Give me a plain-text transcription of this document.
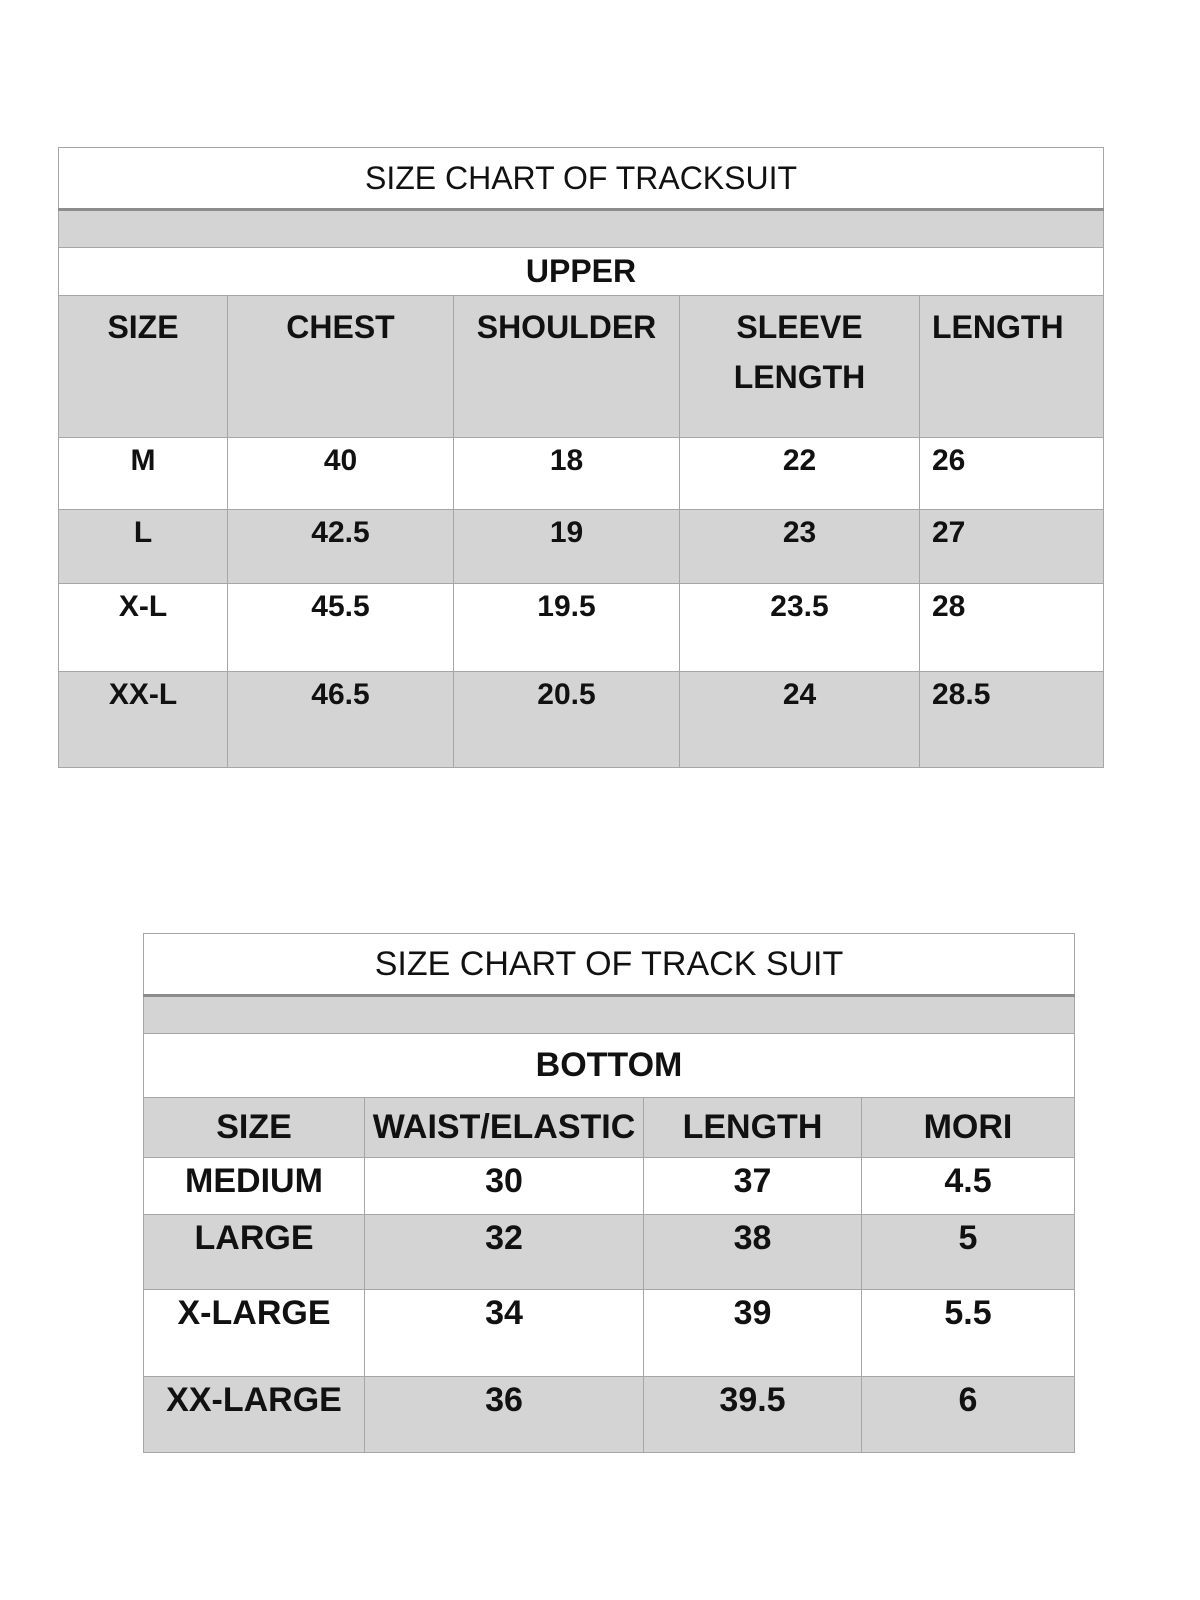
SIZE CHART OF TRACKSUIT				

UPPER				
SIZE	CHEST	SHOULDER	SLEEVE LENGTH	LENGTH
M	40	18	22	26
L	42.5	19	23	27
X-L	45.5	19.5	23.5	28
XX-L	46.5	20.5	24	28.5
SIZE CHART OF TRACK SUIT			

BOTTOM			
SIZE	WAIST/ELASTIC	LENGTH	MORI
MEDIUM	30	37	4.5
LARGE	32	38	5
X-LARGE	34	39	5.5
XX-LARGE	36	39.5	6
